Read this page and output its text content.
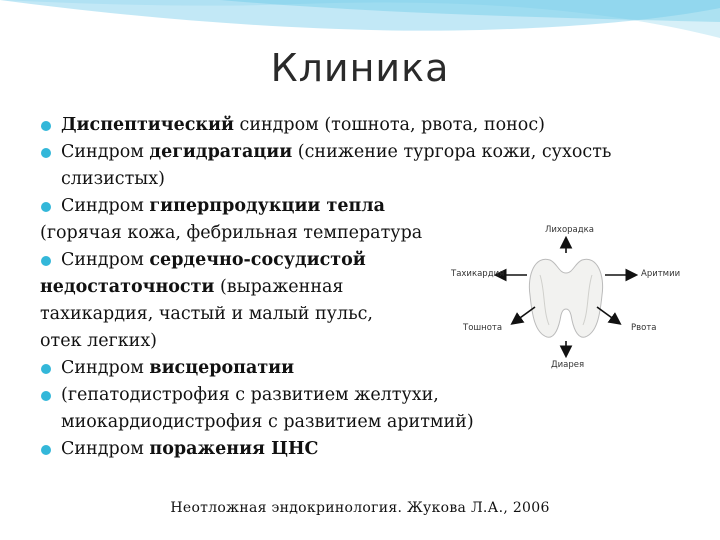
Клиника
Диспептический синдром (тошнота, рвота, понос)
Синдром дегидратации (снижение тургора кожи, сухость слизистых)
Синдром гиперпродукции тепла
(горячая кожа, фебрильная температура
Синдром сердечно-сосудистой недостаточности (выраженная тахикардия, частый и малый пульс, отек легких)
Синдром висцеропатии
(гепатодистрофия с развитием желтухи, миокардиодистрофия с развитием аритмий)
Синдром поражения ЦНС
Лихорадка
Тахикардия	Аритмии
Тошнота	Рвота
Диарея
Неотложная эндокринология. Жукова Л.А., 2006
